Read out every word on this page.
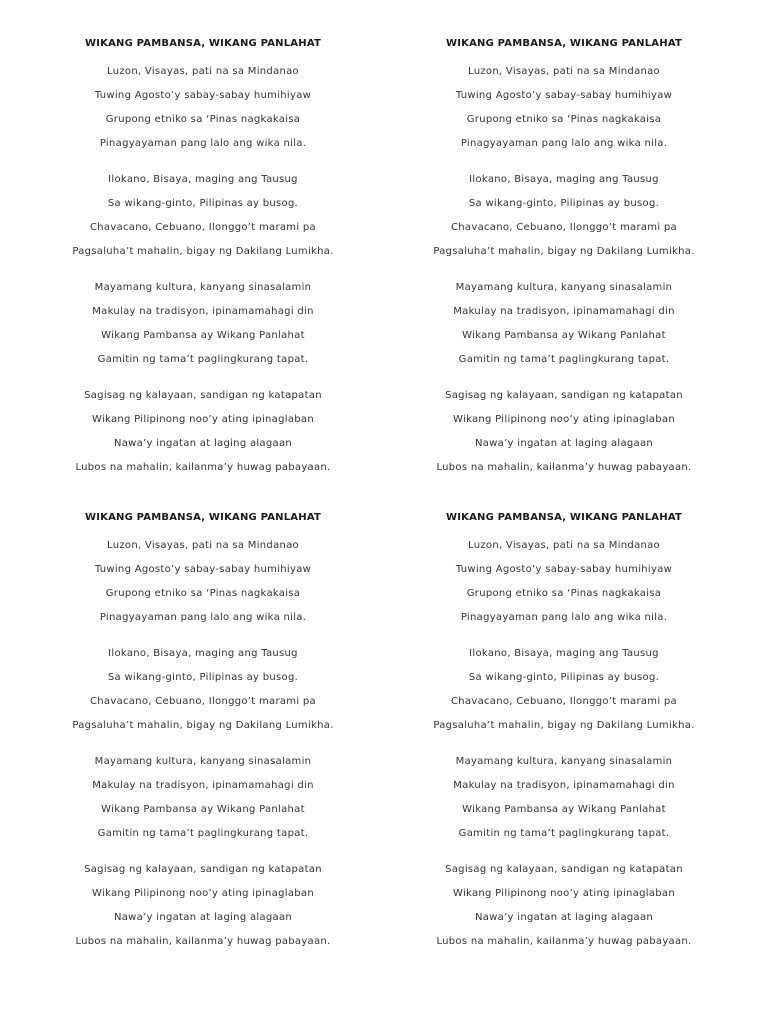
WIKANG PAMBANSA, WIKANG PANLAHAT
Luzon, Visayas, pati na sa Mindanao
Tuwing Agosto’y sabay-sabay humihiyaw
Grupong etniko sa ‘Pinas nagkakaisa
Pinagyayaman pang lalo ang wika nila.
Ilokano, Bisaya, maging ang Tausug
Sa wikang-ginto, Pilipinas ay busog.
Chavacano, Cebuano, Ilonggo’t marami pa
Pagsaluha’t mahalin, bigay ng Dakilang Lumikha.
Mayamang kultura, kanyang sinasalamin
Makulay na tradisyon, ipinamamahagi din
Wikang Pambansa ay Wikang Panlahat
Gamitin ng tama’t paglingkurang tapat.
Sagisag ng kalayaan, sandigan ng katapatan
Wikang Pilipinong noo’y ating ipinaglaban
Nawa’y ingatan at laging alagaan
Lubos na mahalin, kailanma’y huwag pabayaan.
WIKANG PAMBANSA, WIKANG PANLAHAT
Luzon, Visayas, pati na sa Mindanao
Tuwing Agosto’y sabay-sabay humihiyaw
Grupong etniko sa ‘Pinas nagkakaisa
Pinagyayaman pang lalo ang wika nila.
Ilokano, Bisaya, maging ang Tausug
Sa wikang-ginto, Pilipinas ay busog.
Chavacano, Cebuano, Ilonggo’t marami pa
Pagsaluha’t mahalin, bigay ng Dakilang Lumikha.
Mayamang kultura, kanyang sinasalamin
Makulay na tradisyon, ipinamamahagi din
Wikang Pambansa ay Wikang Panlahat
Gamitin ng tama’t paglingkurang tapat.
Sagisag ng kalayaan, sandigan ng katapatan
Wikang Pilipinong noo’y ating ipinaglaban
Nawa’y ingatan at laging alagaan
Lubos na mahalin, kailanma’y huwag pabayaan.
WIKANG PAMBANSA, WIKANG PANLAHAT
Luzon, Visayas, pati na sa Mindanao
Tuwing Agosto’y sabay-sabay humihiyaw
Grupong etniko sa ‘Pinas nagkakaisa
Pinagyayaman pang lalo ang wika nila.
Ilokano, Bisaya, maging ang Tausug
Sa wikang-ginto, Pilipinas ay busog.
Chavacano, Cebuano, Ilonggo’t marami pa
Pagsaluha’t mahalin, bigay ng Dakilang Lumikha.
Mayamang kultura, kanyang sinasalamin
Makulay na tradisyon, ipinamamahagi din
Wikang Pambansa ay Wikang Panlahat
Gamitin ng tama’t paglingkurang tapat.
Sagisag ng kalayaan, sandigan ng katapatan
Wikang Pilipinong noo’y ating ipinaglaban
Nawa’y ingatan at laging alagaan
Lubos na mahalin, kailanma’y huwag pabayaan.
WIKANG PAMBANSA, WIKANG PANLAHAT
Luzon, Visayas, pati na sa Mindanao
Tuwing Agosto’y sabay-sabay humihiyaw
Grupong etniko sa ‘Pinas nagkakaisa
Pinagyayaman pang lalo ang wika nila.
Ilokano, Bisaya, maging ang Tausug
Sa wikang-ginto, Pilipinas ay busog.
Chavacano, Cebuano, Ilonggo’t marami pa
Pagsaluha’t mahalin, bigay ng Dakilang Lumikha.
Mayamang kultura, kanyang sinasalamin
Makulay na tradisyon, ipinamamahagi din
Wikang Pambansa ay Wikang Panlahat
Gamitin ng tama’t paglingkurang tapat.
Sagisag ng kalayaan, sandigan ng katapatan
Wikang Pilipinong noo’y ating ipinaglaban
Nawa’y ingatan at laging alagaan
Lubos na mahalin, kailanma’y huwag pabayaan.
